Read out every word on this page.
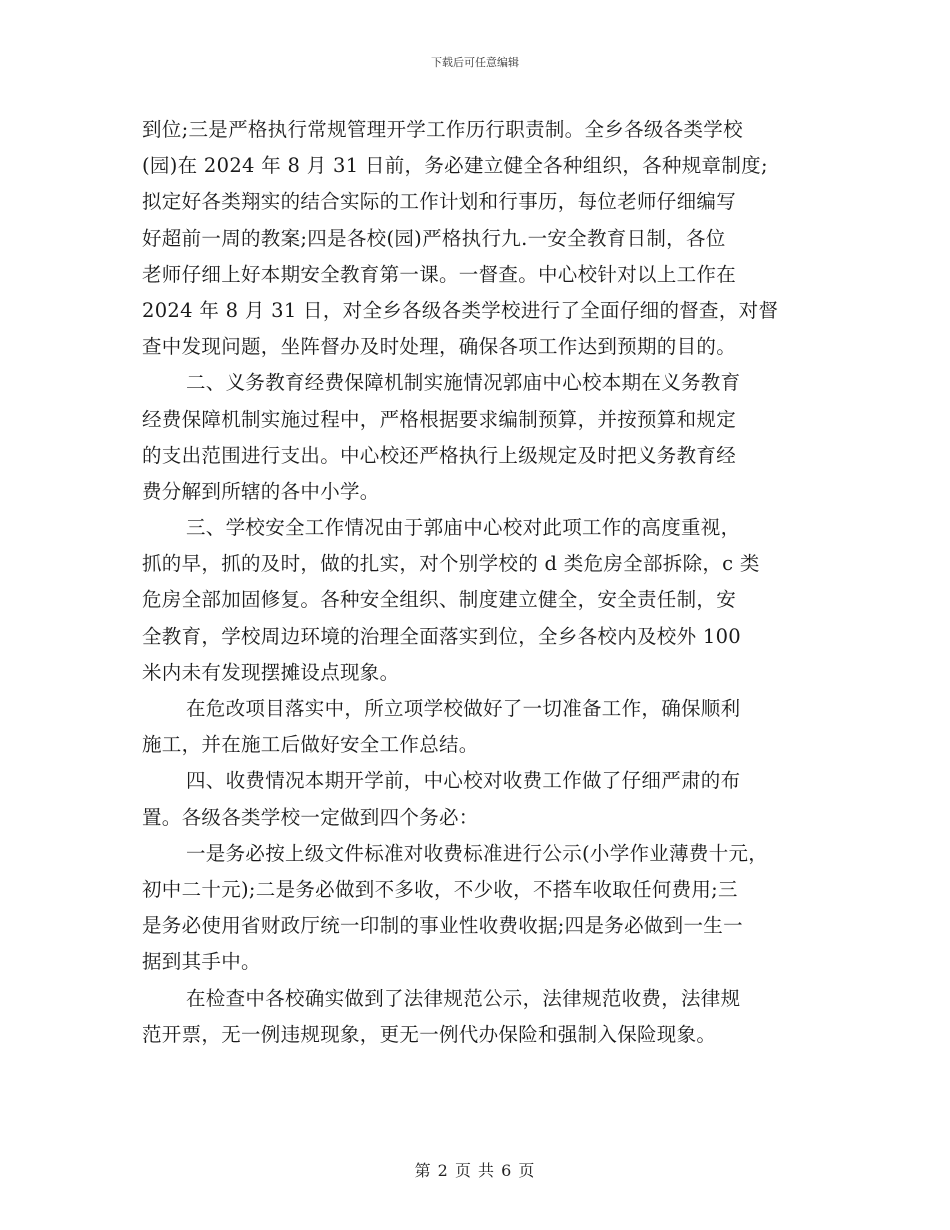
下载后可任意编辑
到位;三是严格执行常规管理开学工作历行职责制。全乡各级各类学校
(园)在 2024 年 8 月 31 日前，务必建立健全各种组织，各种规章制度;
拟定好各类翔实的结合实际的工作计划和行事历，每位老师仔细编写
好超前一周的教案;四是各校(园)严格执行九.一安全教育日制，各位
老师仔细上好本期安全教育第一课。一督查。中心校针对以上工作在
2024 年 8 月 31 日，对全乡各级各类学校进行了全面仔细的督查，对督
查中发现问题，坐阵督办及时处理，确保各项工作达到预期的目的。
二、义务教育经费保障机制实施情况郭庙中心校本期在义务教育
经费保障机制实施过程中，严格根据要求编制预算，并按预算和规定
的支出范围进行支出。中心校还严格执行上级规定及时把义务教育经
费分解到所辖的各中小学。
三、学校安全工作情况由于郭庙中心校对此项工作的高度重视，
抓的早，抓的及时，做的扎实，对个别学校的 d 类危房全部拆除，c 类
危房全部加固修复。各种安全组织、制度建立健全，安全责任制，安
全教育，学校周边环境的治理全面落实到位，全乡各校内及校外 100
米内未有发现摆摊设点现象。
在危改项目落实中，所立项学校做好了一切准备工作，确保顺利
施工，并在施工后做好安全工作总结。
四、收费情况本期开学前，中心校对收费工作做了仔细严肃的布
置。各级各类学校一定做到四个务必：
一是务必按上级文件标准对收费标准进行公示(小学作业薄费十元，
初中二十元);二是务必做到不多收，不少收，不搭车收取任何费用;三
是务必使用省财政厅统一印制的事业性收费收据;四是务必做到一生一
据到其手中。
在检查中各校确实做到了法律规范公示，法律规范收费，法律规
范开票，无一例违规现象，更无一例代办保险和强制入保险现象。
第 2 页 共 6 页
